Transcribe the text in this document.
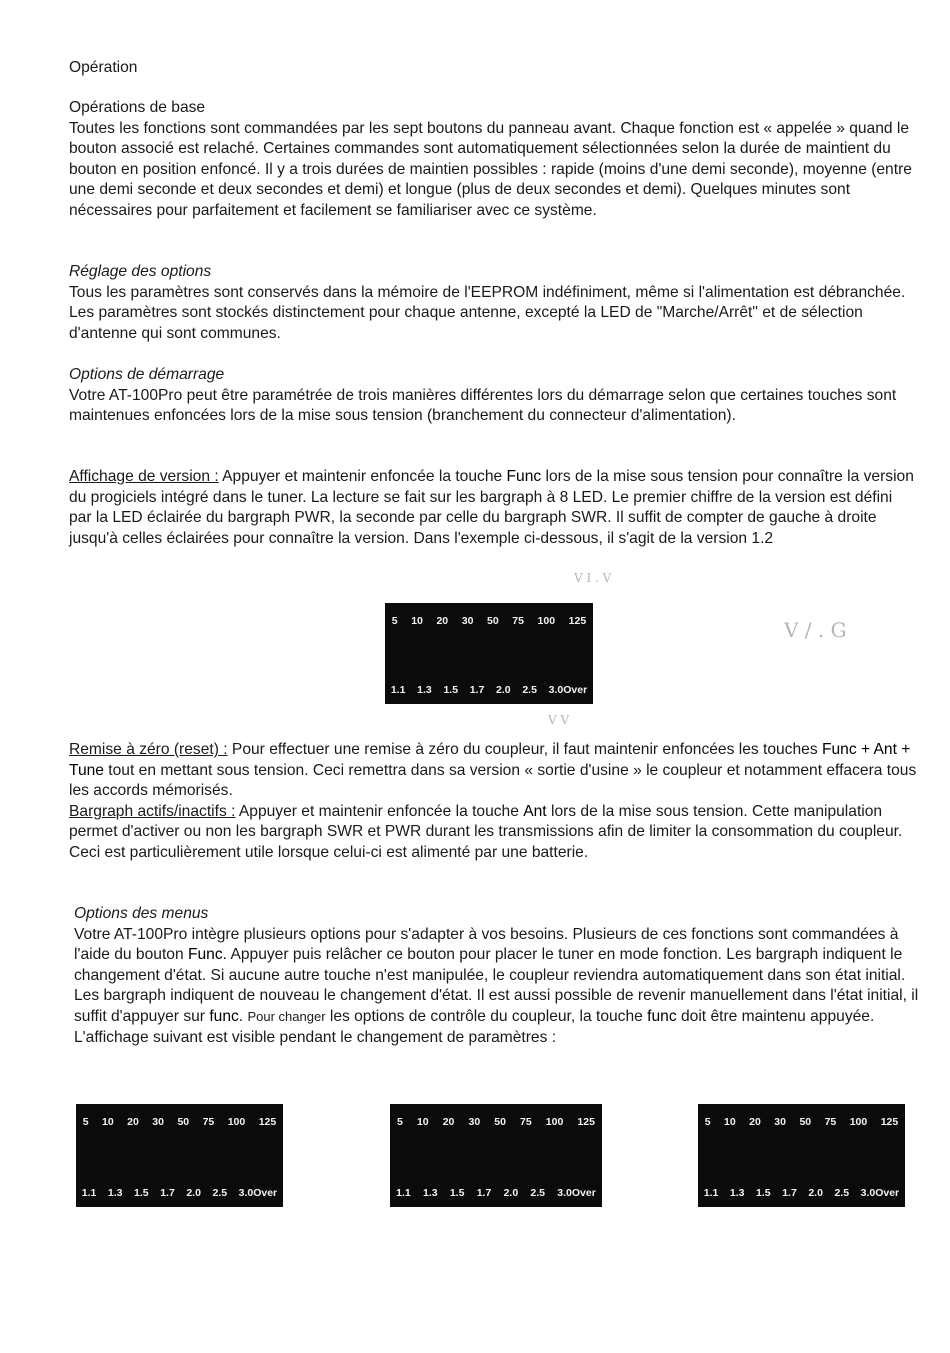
Opération

Opérations de base

Toutes les fonctions sont commandées par les sept boutons du panneau avant. Chaque fonction est « appelée » quand le bouton associé est relaché. Certaines commandes sont automatiquement sélectionnées selon la durée de maintient du bouton en position enfoncé. Il y a trois durées de maintien possibles : rapide (moins d'une demi seconde), moyenne (entre une demi seconde et deux secondes et demi) et longue (plus de deux secondes et demi). Quelques minutes sont nécessaires pour parfaitement et facilement se familiariser avec ce système.

Réglage des options

Tous les paramètres sont conservés dans la mémoire de l'EEPROM indéfiniment, même si l'alimentation est débranchée. Les paramètres sont stockés distinctement pour chaque antenne, excepté la LED de "Marche/Arrêt" et de sélection d'antenne qui sont communes.

Options de démarrage

Votre AT-100Pro peut être paramétrée de trois manières différentes lors du démarrage selon que certaines touches sont maintenues enfoncées lors de la mise sous tension (branchement du connecteur d'alimentation).

Affichage de version : Appuyer et maintenir enfoncée la touche Func lors de la mise sous tension pour connaître la version du progiciels intégré dans le tuner. La lecture se fait sur les bargraph à 8 LED. Le premier chiffre de la version est défini par la LED éclairée du bargraph PWR, la seconde par celle du bargraph SWR. Il suffit de compter de gauche à droite jusqu'à celles éclairées pour connaître la version. Dans l'exemple ci-dessous, il s'agit de la version 1.2

5 10 20 30 50 75 100 125
1.1 1.3 1.5 1.7 2.0 2.5 3.0Over
V I . V
V / . G
V V

Remise à zéro (reset) : Pour effectuer une remise à zéro du coupleur, il faut maintenir enfoncées les touches Func + Ant + Tune tout en mettant sous tension. Ceci remettra dans sa version « sortie d'usine » le coupleur et notamment effacera tous les accords mémorisés.

Bargraph actifs/inactifs : Appuyer et maintenir enfoncée la touche Ant lors de la mise sous tension. Cette manipulation permet d'activer ou non les bargraph SWR et PWR durant les transmissions afin de limiter la consommation du coupleur. Ceci est particulièrement utile lorsque celui-ci est alimenté par une batterie.

Options des menus

Votre AT-100Pro intègre plusieurs options pour s'adapter à vos besoins. Plusieurs de ces fonctions sont commandées à l'aide du bouton Func. Appuyer puis relâcher ce bouton pour placer le tuner en mode fonction. Les bargraph indiquent le changement d'état. Si aucune autre touche n'est manipulée, le coupleur reviendra automatiquement dans son état initial. Les bargraph indiquent de nouveau le changement d'état. Il est aussi possible de revenir manuellement dans l'état initial, il suffit d'appuyer sur func. Pour changer les options de contrôle du coupleur, la touche func doit être maintenu appuyée. L'affichage suivant est visible pendant le changement de paramètres :

5 10 20 30 50 75 100 125
1.1 1.3 1.5 1.7 2.0 2.5 3.0Over
5 10 20 30 50 75 100 125
1.1 1.3 1.5 1.7 2.0 2.5 3.0Over
5 10 20 30 50 75 100 125
1.1 1.3 1.5 1.7 2.0 2.5 3.0Over
